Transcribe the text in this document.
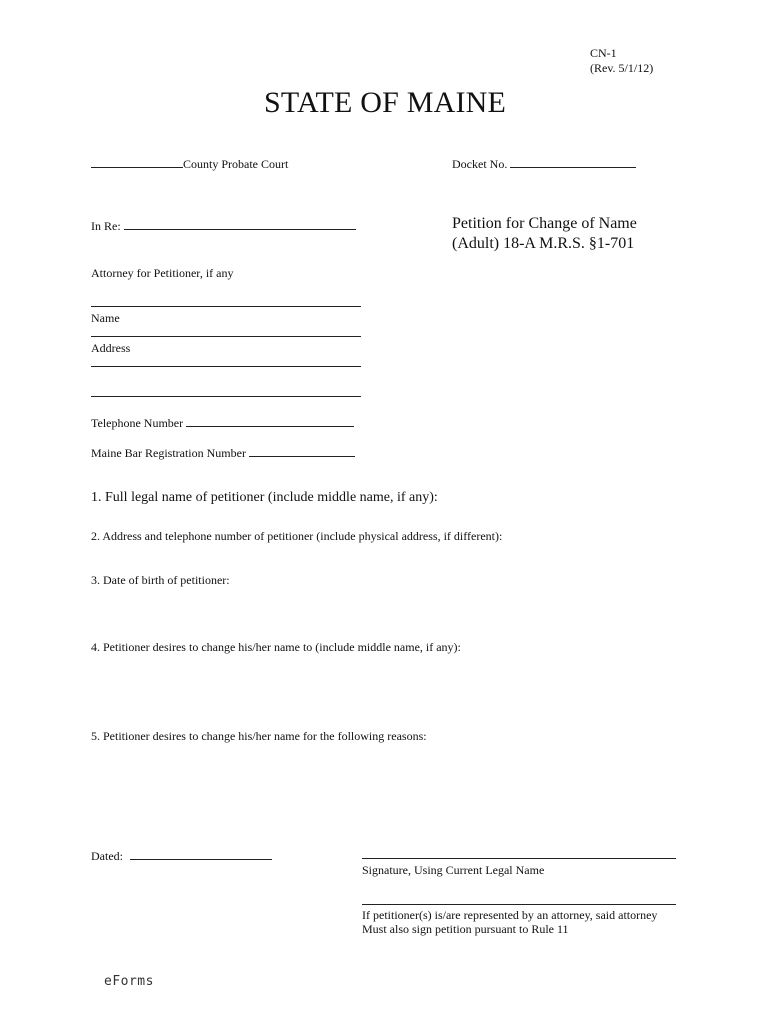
CN-1
(Rev. 5/1/12)
STATE OF MAINE
County Probate Court	Docket No.
In Re:	Petition for Change of Name
(Adult) 18-A M.R.S. §1-701
Attorney for Petitioner, if any
Name
Address
Telephone Number
Maine Bar Registration Number
1. Full legal name of petitioner (include middle name, if any):
2. Address and telephone number of petitioner (include physical address, if different):
3. Date of birth of petitioner:
4. Petitioner desires to change his/her name to (include middle name, if any):
5. Petitioner desires to change his/her name for the following reasons:
Dated:
Signature, Using Current Legal Name
If petitioner(s) is/are represented by an attorney, said attorney
Must also sign petition pursuant to Rule 11
eForms
